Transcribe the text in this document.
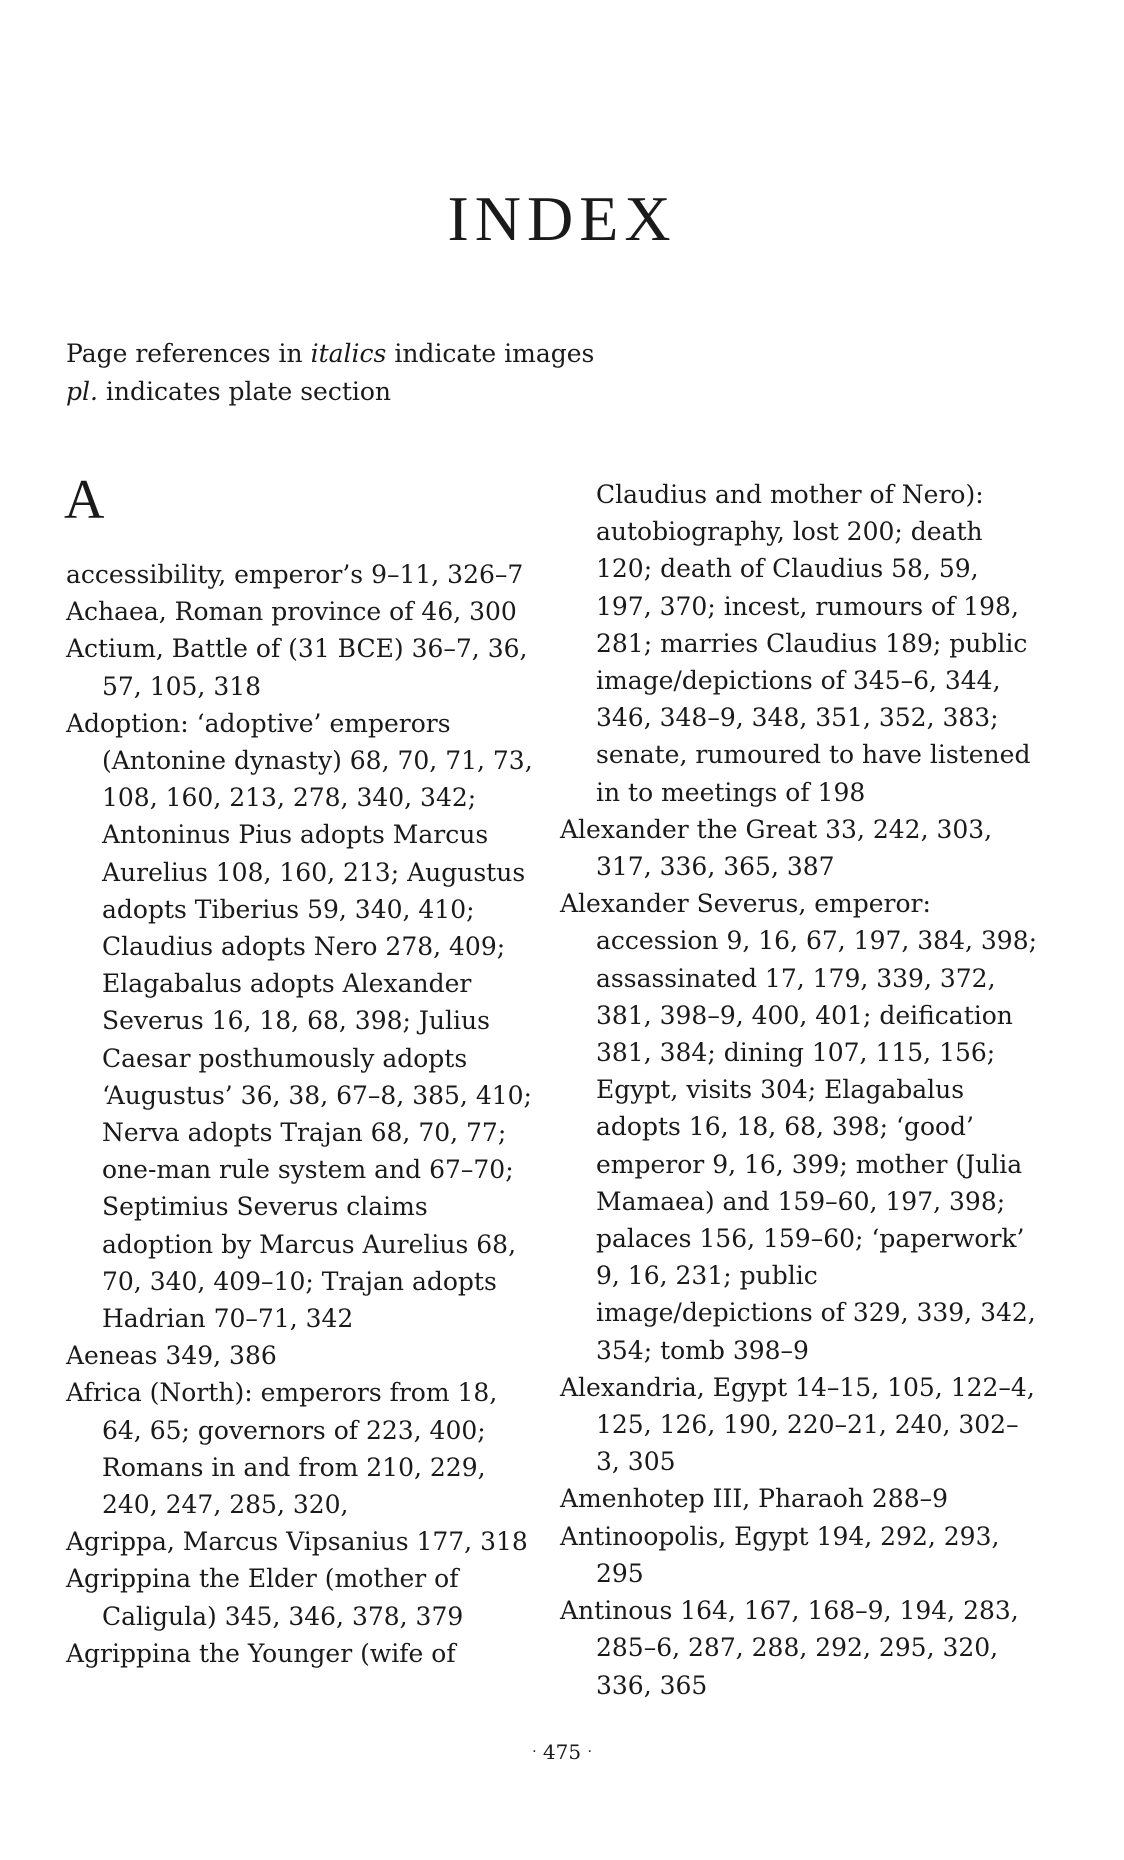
INDEX
Page references in italics indicate images
pl. indicates plate section
A
accessibility, emperor’s 9–11, 326–7
Achaea, Roman province of 46, 300
Actium, Battle of (31 BCE) 36–7, 36, 57, 105, 318
Adoption: ‘adoptive’ emperors (Antonine dynasty) 68, 70, 71, 73, 108, 160, 213, 278, 340, 342; Antoninus Pius adopts Marcus Aurelius 108, 160, 213; Augustus adopts Tiberius 59, 340, 410; Claudius adopts Nero 278, 409; Elagabalus adopts Alexander Severus 16, 18, 68, 398; Julius Caesar posthumously adopts ‘Augustus’ 36, 38, 67–8, 385, 410; Nerva adopts Trajan 68, 70, 77; one-man rule system and 67–70; Septimius Severus claims adoption by Marcus Aurelius 68, 70, 340, 409–10; Trajan adopts Hadrian 70–71, 342
Aeneas 349, 386
Africa (North): emperors from 18, 64, 65; governors of 223, 400; Romans in and from 210, 229, 240, 247, 285, 320,
Agrippa, Marcus Vipsanius 177, 318
Agrippina the Elder (mother of Caligula) 345, 346, 378, 379
Agrippina the Younger (wife of
Claudius and mother of Nero): autobiography, lost 200; death 120; death of Claudius 58, 59, 197, 370; incest, rumours of 198, 281; marries Claudius 189; public image/depictions of 345–6, 344, 346, 348–9, 348, 351, 352, 383; senate, rumoured to have listened in to meetings of 198
Alexander the Great 33, 242, 303, 317, 336, 365, 387
Alexander Severus, emperor: accession 9, 16, 67, 197, 384, 398; assassinated 17, 179, 339, 372, 381, 398–9, 400, 401; deification 381, 384; dining 107, 115, 156; Egypt, visits 304; Elagabalus adopts 16, 18, 68, 398; ‘good’ emperor 9, 16, 399; mother (Julia Mamaea) and 159–60, 197, 398; palaces 156, 159–60; ‘paperwork’ 9, 16, 231; public image/depictions of 329, 339, 342, 354; tomb 398–9
Alexandria, Egypt 14–15, 105, 122–4, 125, 126, 190, 220–21, 240, 302–3, 305
Amenhotep III, Pharaoh 288–9
Antinoopolis, Egypt 194, 292, 293, 295
Antinous 164, 167, 168–9, 194, 283, 285–6, 287, 288, 292, 295, 320, 336, 365
· 475 ·
